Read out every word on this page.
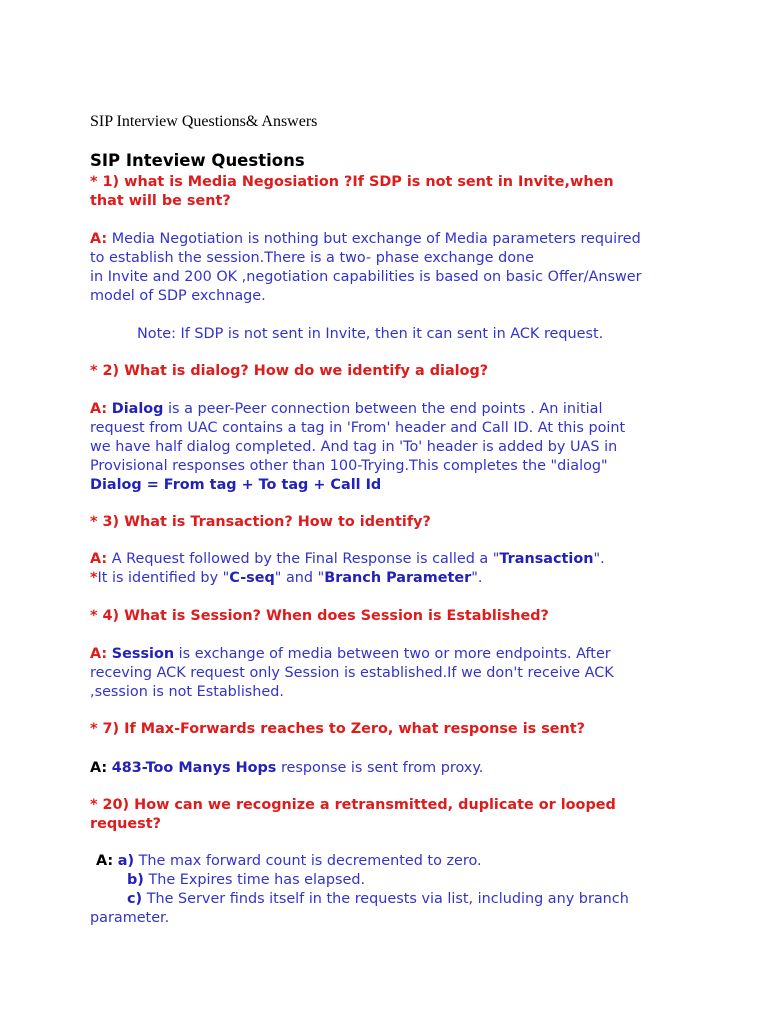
SIP Interview Questions& Answers
SIP Inteview Questions
* 1) what is Media Negosiation ?If SDP is not sent in Invite,when
that will be sent?
A: Media Negotiation is nothing but exchange of Media parameters required
to establish the session.There is a two- phase exchange done
in Invite and 200 OK ,negotiation capabilities is based on basic Offer/Answer
model of SDP exchnage.
Note: If SDP is not sent in Invite, then it can sent in ACK request.
* 2) What is dialog? How do we identify a dialog?
A: Dialog is a peer-Peer connection between the end points . An initial
request from UAC contains a tag in 'From' header and Call ID. At this point
we have half dialog completed. And tag in 'To' header is added by UAS in
Provisional responses other than 100-Trying.This completes the "dialog"
Dialog = From tag + To tag + Call Id
* 3) What is Transaction? How to identify?
A: A Request followed by the Final Response is called a "Transaction".
*It is identified by "C-seq" and "Branch Parameter".
* 4) What is Session? When does Session is Established?
A: Session is exchange of media between two or more endpoints. After
receving ACK request only Session is established.If we don't receive ACK
,session is not Established.
* 7) If Max-Forwards reaches to Zero, what response is sent?
A: 483-Too Manys Hops response is sent from proxy.
* 20) How can we recognize a retransmitted, duplicate or looped
request?
A: a) The max forward count is decremented to zero.
b) The Expires time has elapsed.
c) The Server finds itself in the requests via list, including any branch
parameter.
